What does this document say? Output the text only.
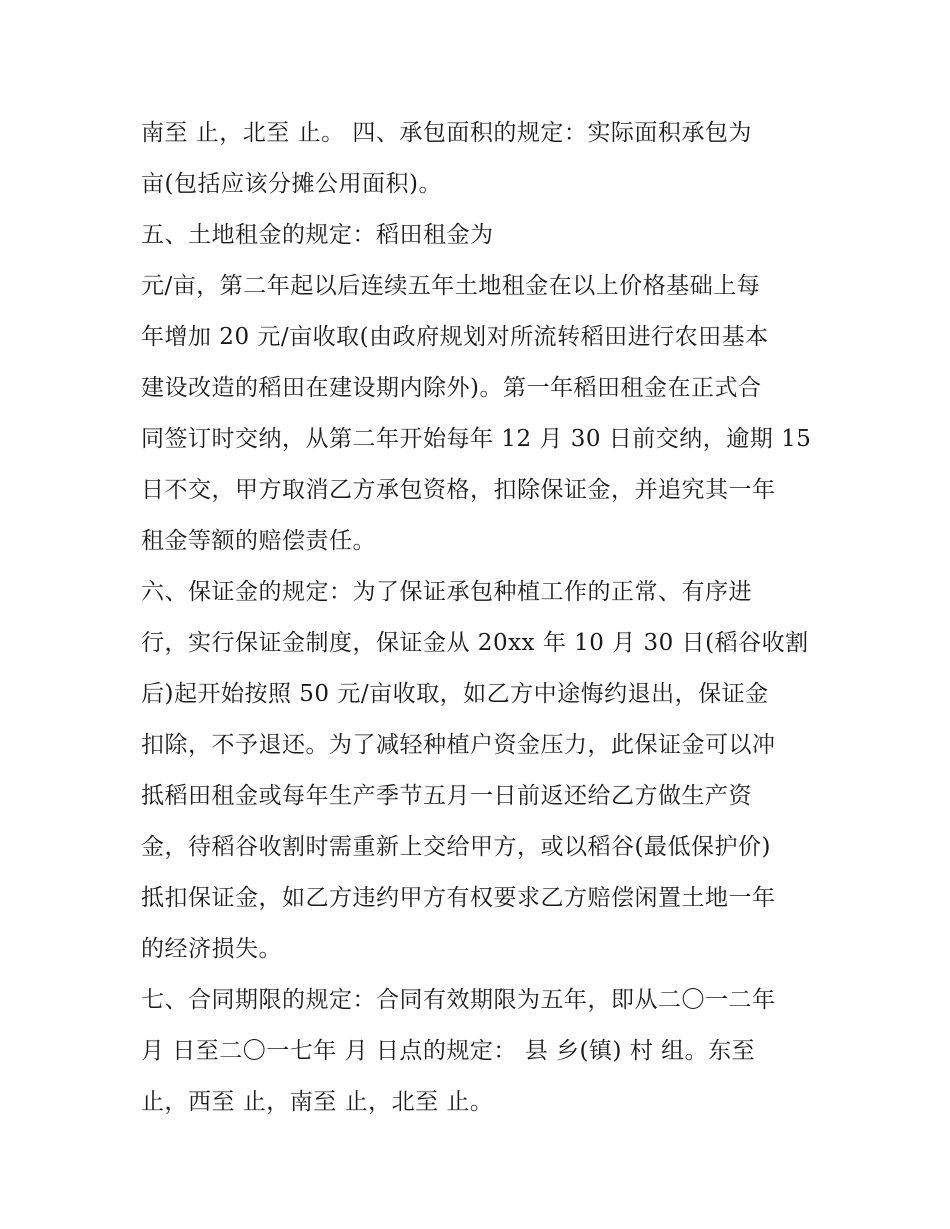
南至 止，北至 止。 四、承包面积的规定：实际面积承包为
亩(包括应该分摊公用面积)。
五、土地租金的规定：稻田租金为
元/亩，第二年起以后连续五年土地租金在以上价格基础上每
年增加 20 元/亩收取(由政府规划对所流转稻田进行农田基本
建设改造的稻田在建设期内除外)。第一年稻田租金在正式合
同签订时交纳，从第二年开始每年 12 月 30 日前交纳，逾期 15
日不交，甲方取消乙方承包资格，扣除保证金，并追究其一年
租金等额的赔偿责任。
六、保证金的规定：为了保证承包种植工作的正常、有序进
行，实行保证金制度，保证金从 20xx 年 10 月 30 日(稻谷收割
后)起开始按照 50 元/亩收取，如乙方中途悔约退出，保证金
扣除，不予退还。为了减轻种植户资金压力，此保证金可以冲
抵稻田租金或每年生产季节五月一日前返还给乙方做生产资
金，待稻谷收割时需重新上交给甲方，或以稻谷(最低保护价)
抵扣保证金，如乙方违约甲方有权要求乙方赔偿闲置土地一年
的经济损失。
七、合同期限的规定：合同有效期限为五年，即从二〇一二年
月 日至二〇一七年 月 日点的规定： 县 乡(镇) 村 组。东至
止，西至 止，南至 止，北至 止。
